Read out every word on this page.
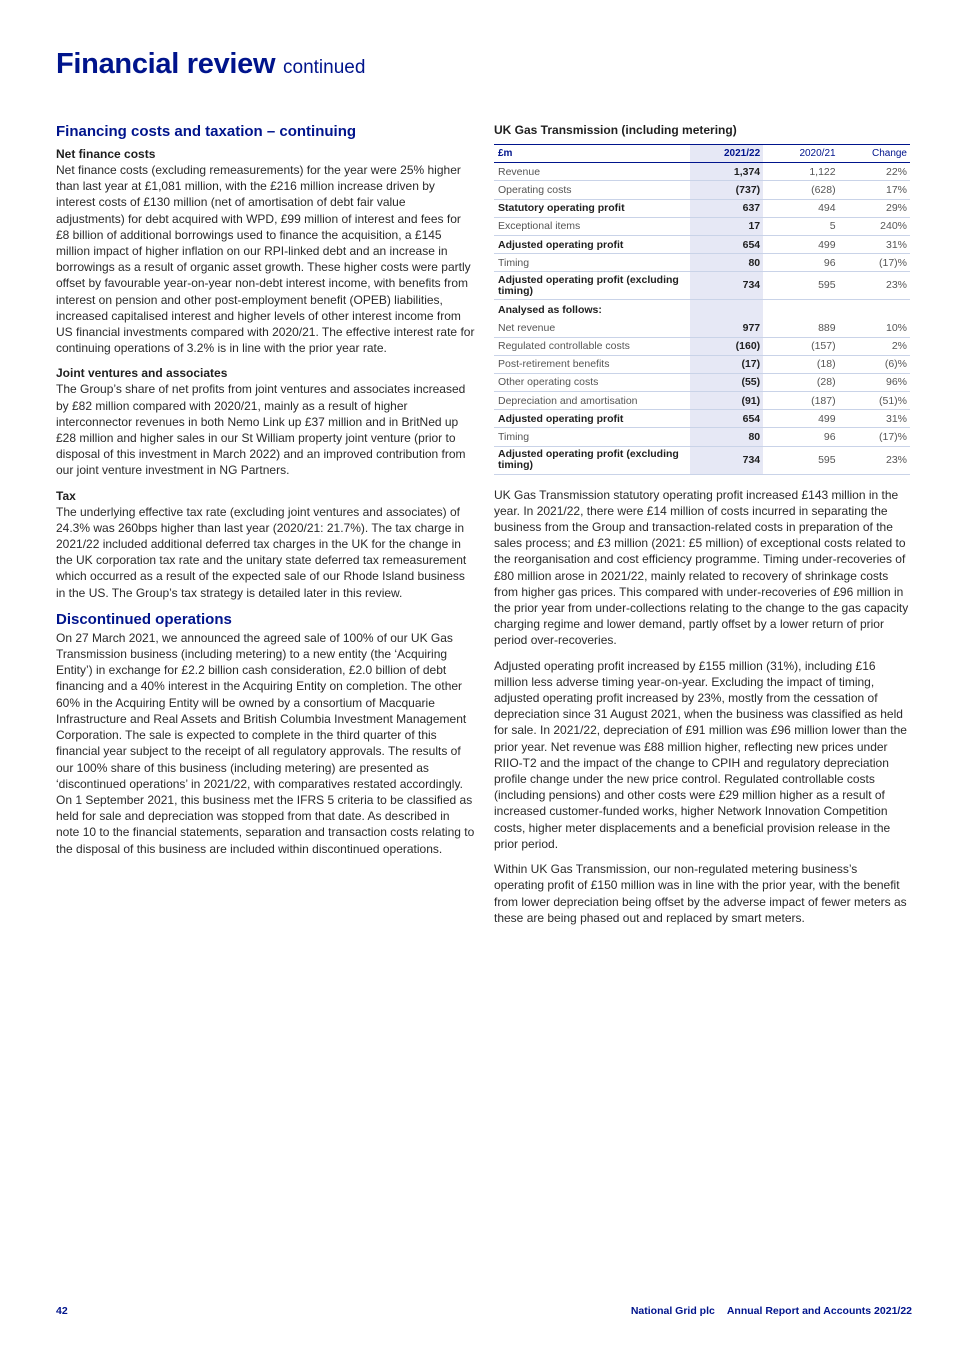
Financial review continued
Financing costs and taxation – continuing
Net finance costs

Net finance costs (excluding remeasurements) for the year were 25% higher than last year at £1,081 million, with the £216 million increase driven by interest costs of £130 million (net of amortisation of debt fair value adjustments) for debt acquired with WPD, £99 million of interest and fees for £8 billion of additional borrowings used to finance the acquisition, a £145 million impact of higher inflation on our RPI-linked debt and an increase in borrowings as a result of organic asset growth. These higher costs were partly offset by favourable year-on-year non-debt interest income, with benefits from interest on pension and other post-employment benefit (OPEB) liabilities, increased capitalised interest and higher levels of other interest income from US financial investments compared with 2020/21. The effective interest rate for continuing operations of 3.2% is in line with the prior year rate.

Joint ventures and associates

The Group’s share of net profits from joint ventures and associates increased by £82 million compared with 2020/21, mainly as a result of higher interconnector revenues in both Nemo Link up £37 million and in BritNed up £28 million and higher sales in our St William property joint venture (prior to disposal of this investment in March 2022) and an improved contribution from our joint venture investment in NG Partners.

Tax

The underlying effective tax rate (excluding joint ventures and associates) of 24.3% was 260bps higher than last year (2020/21: 21.7%). The tax charge in 2021/22 included additional deferred tax charges in the UK for the change in the UK corporation tax rate and the unitary state deferred tax remeasurement which occurred as a result of the expected sale of our Rhode Island business in the US. The Group’s tax strategy is detailed later in this review.

Discontinued operations

On 27 March 2021, we announced the agreed sale of 100% of our UK Gas Transmission business (including metering) to a new entity (the ‘Acquiring Entity’) in exchange for £2.2 billion cash consideration, £2.0 billion of debt financing and a 40% interest in the Acquiring Entity on completion. The other 60% in the Acquiring Entity will be owned by a consortium of Macquarie Infrastructure and Real Assets and British Columbia Investment Management Corporation. The sale is expected to complete in the third quarter of this financial year subject to the receipt of all regulatory approvals. The results of our 100% share of this business (including metering) are presented as ‘discontinued operations’ in 2021/22, with comparatives restated accordingly. On 1 September 2021, this business met the IFRS 5 criteria to be classified as held for sale and depreciation was stopped from that date. As described in note 10 to the financial statements, separation and transaction costs relating to the disposal of this business are included within discontinued operations.

UK Gas Transmission (including metering)
£m	2021/22	2020/21	Change
Revenue	1,374	1,122	22%
Operating costs	(737)	(628)	17%
Statutory operating profit	637	494	29%
Exceptional items	17	5	240%
Adjusted operating profit	654	499	31%
Timing	80	96	(17)%
Adjusted operating profit (excluding timing)	734	595	23%
Analysed as follows:			
Net revenue	977	889	10%
Regulated controllable costs	(160)	(157)	2%
Post-retirement benefits	(17)	(18)	(6)%
Other operating costs	(55)	(28)	96%
Depreciation and amortisation	(91)	(187)	(51)%
Adjusted operating profit	654	499	31%
Timing	80	96	(17)%
Adjusted operating profit (excluding timing)	734	595	23%

UK Gas Transmission statutory operating profit increased £143 million in the year. In 2021/22, there were £14 million of costs incurred in separating the business from the Group and transaction-related costs in preparation of the sales process; and £3 million (2021: £5 million) of exceptional costs related to the reorganisation and cost efficiency programme. Timing under-recoveries of £80 million arose in 2021/22, mainly related to recovery of shrinkage costs from higher gas prices. This compared with under-recoveries of £96 million in the prior year from under-collections relating to the change to the gas capacity charging regime and lower demand, partly offset by a lower return of prior period over-recoveries.

Adjusted operating profit increased by £155 million (31%), including £16 million less adverse timing year-on-year. Excluding the impact of timing, adjusted operating profit increased by 23%, mostly from the cessation of depreciation since 31 August 2021, when the business was classified as held for sale. In 2021/22, depreciation of £91 million was £96 million lower than the prior year. Net revenue was £88 million higher, reflecting new prices under RIIO-T2 and the impact of the change to CPIH and regulatory depreciation profile change under the new price control. Regulated controllable costs (including pensions) and other costs were £29 million higher as a result of increased customer-funded works, higher Network Innovation Competition costs, higher meter displacements and a beneficial provision release in the prior period.

Within UK Gas Transmission, our non-regulated metering business’s operating profit of £150 million was in line with the prior year, with the benefit from lower depreciation being offset by the adverse impact of fewer meters as these are being phased out and replaced by smart meters.

42	National Grid plc Annual Report and Accounts 2021/22
